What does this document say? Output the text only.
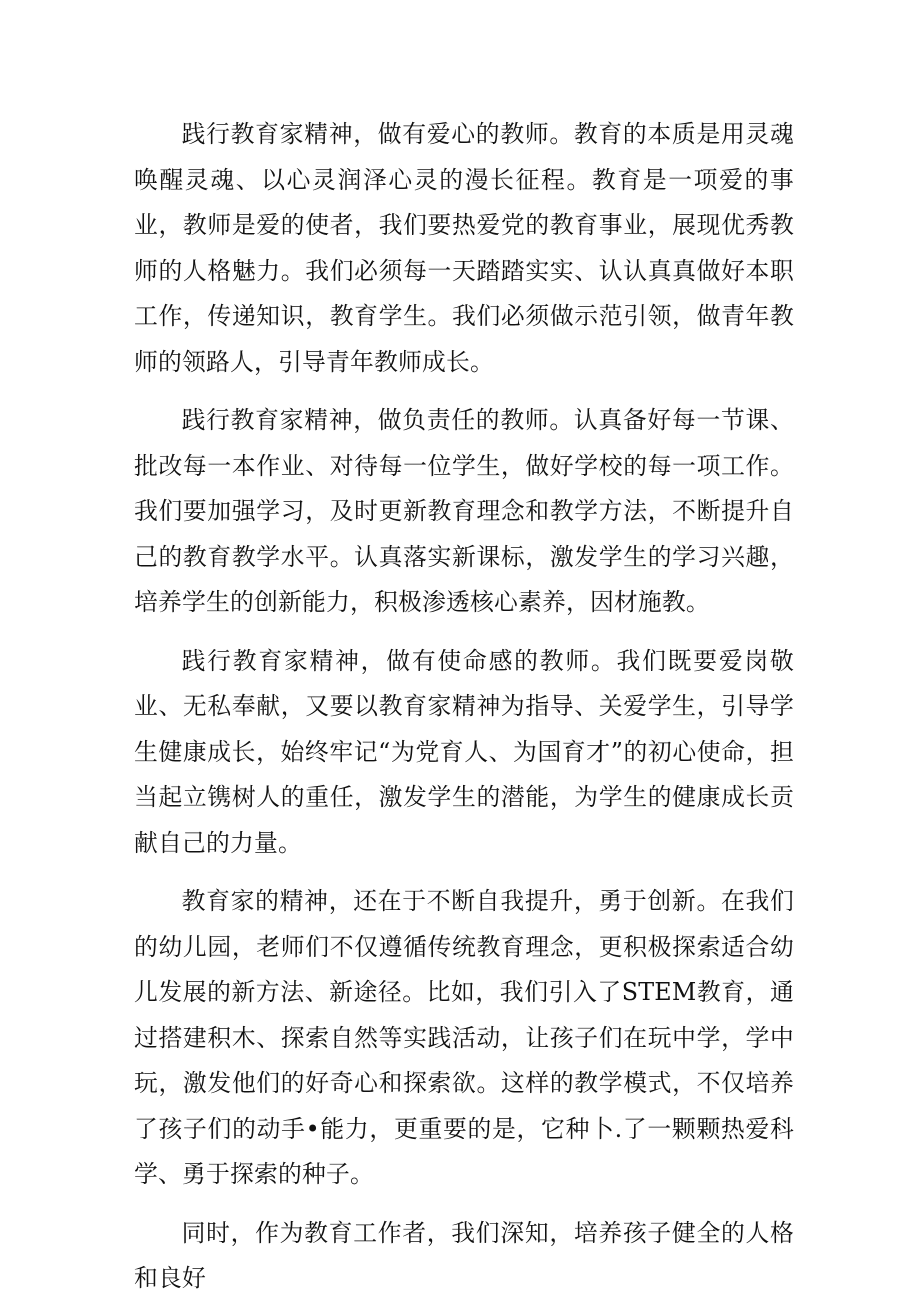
践行教育家精神，做有爱心的教师。教育的本质是用灵魂唤醒灵魂、以心灵润泽心灵的漫长征程。教育是一项爱的事业，教师是爱的使者，我们要热爱党的教育事业，展现优秀教师的人格魅力。我们必须每一天踏踏实实、认认真真做好本职工作，传递知识，教育学生。我们必须做示范引领，做青年教师的领路人，引导青年教师成长。

践行教育家精神，做负责任的教师。认真备好每一节课、批改每一本作业、对待每一位学生，做好学校的每一项工作。我们要加强学习，及时更新教育理念和教学方法，不断提升自己的教育教学水平。认真落实新课标，激发学生的学习兴趣，培养学生的创新能力，积极渗透核心素养，因材施教。

践行教育家精神，做有使命感的教师。我们既要爱岗敬业、无私奉献，又要以教育家精神为指导、关爱学生，引导学生健康成长，始终牢记“为党育人、为国育才”的初心使命，担当起立镌树人的重任，激发学生的潜能，为学生的健康成长贡献自己的力量。

教育家的精神，还在于不断自我提升，勇于创新。在我们的幼儿园，老师们不仅遵循传统教育理念，更积极探索适合幼儿发展的新方法、新途径。比如，我们引入了STEM教育，通过搭建积木、探索自然等实践活动，让孩子们在玩中学，学中玩，激发他们的好奇心和探索欲。这样的教学模式，不仅培养了孩子们的动手•能力，更重要的是，它种卜.了一颗颗热爱科学、勇于探索的种子。

同时，作为教育工作者，我们深知，培养孩子健全的人格和良好
